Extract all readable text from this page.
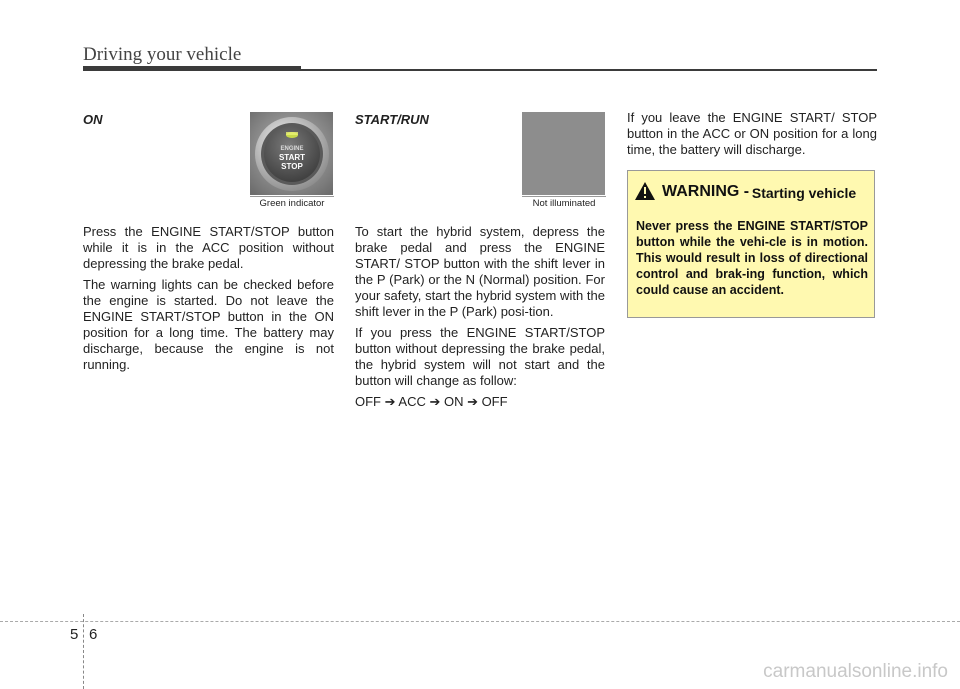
Driving your vehicle
ON
ENGINE
START
STOP
Green indicator

Press the ENGINE START/STOP button while it is in the ACC position without depressing the brake pedal.

The warning lights can be checked before the engine is started. Do not leave the ENGINE START/STOP button in the ON position for a long time. The battery may discharge, because the engine is not running.

START/RUN
Not illuminated

To start the hybrid system, depress the brake pedal and press the ENGINE START/ STOP button with the shift lever in the P (Park) or the N (Normal) position. For your safety, start the hybrid system with the shift lever in the P (Park) posi-tion.

If you press the ENGINE START/STOP button without depressing the brake pedal, the hybrid system will not start and the button will change as follow:

OFF ➔ ACC ➔ ON ➔ OFF

If you leave the ENGINE START/ STOP button in the ACC or ON position for a long time, the battery will discharge.

WARNING - Starting vehicle
Never press the ENGINE START/STOP button while the vehi-cle is in motion. This would result in loss of directional control and brak-ing function, which could cause an accident.
5 6
carmanualsonline.info
